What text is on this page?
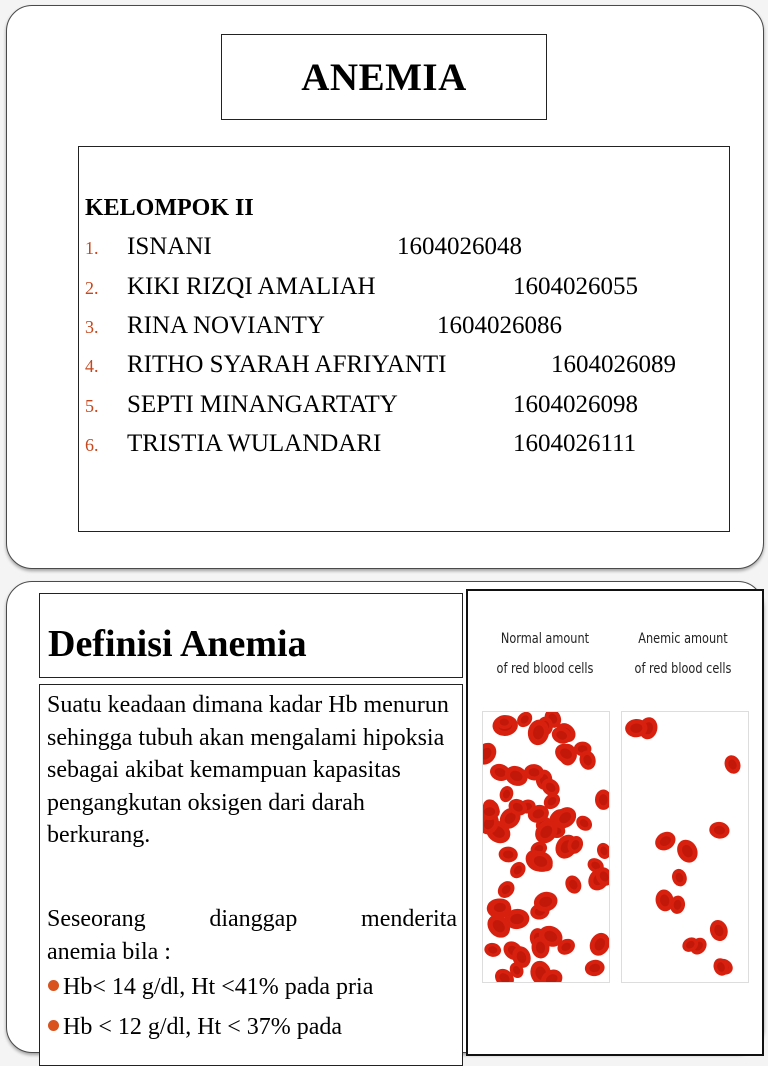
ANEMIA
KELOMPOK II
1. ISNANI	1604026048
2. KIKI RIZQI AMALIAH	1604026055
3. RINA NOVIANTY	1604026086
4. RITHO SYARAH AFRIYANTI	1604026089
5. SEPTI MINANGARTATY	1604026098
6. TRISTIA WULANDARI	1604026111
Definisi Anemia
Suatu keadaan dimana kadar Hb menurun sehingga tubuh akan mengalami hipoksia sebagai akibat kemampuan kapasitas pengangkutan oksigen dari darah berkurang.
Seseorang dianggap menderita
anemia bila :
Hb< 14 g/dl, Ht <41% pada pria
Hb < 12 g/dl, Ht < 37% pada
Normal amount of red blood cells
Anemic amount of red blood cells
